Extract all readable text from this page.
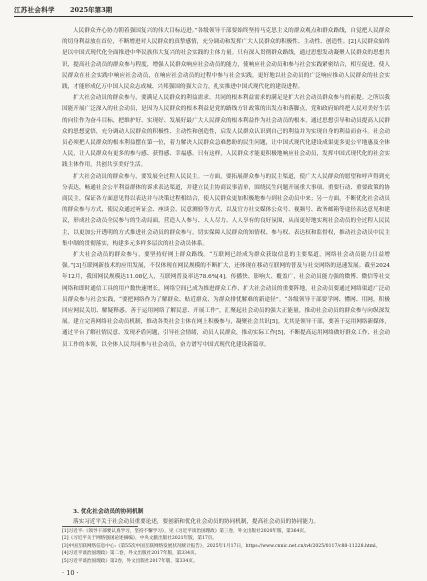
江苏社会科学 2025年第3期

人民群众齐心协力朝着强国复兴的伟大目标迈进。”各级领导干部要始终坚持马克思主义的群众观点和群众路线，自觉把人民群众的切身利益放在首位，不断增进对人民群众的真挚感情，充分调动和发挥广大人民群众的积极性、主动性、创造性。[2]人民群众始终是以中国式现代化全面推进中华民族伟大复兴的社会实践的主体力量。只有深入贯彻群众路线，通过思想发动凝聚人民群众的思想共识，提高社会动员的群众参与程度，增强人民群众响应社会动员的能力，使响应社会动员和参与社会实践紧密结合，相互促进，使人民群众在社会实践中响应社会动员，在响应社会动员的过程中参与社会实践，更好地以社会动员的广泛响应推动人民群众的社会实践，才能形成亿万中国人民众志成城、兴邦强国的强大合力，扎实推进中国式现代化的建设进程。

扩大社会动员的群众参与，要满足人民群众的利益需求。共同的根本利益需求的满足是扩大社会动员群众参与的前提。之所以我国能开展广泛深入的社会动员，是因为人民群众的根本利益是党的路线方针政策的出发点和落脚点，党和政府始终把人民对美好生活的向往作为奋斗目标，把维护好、实现好、发展好最广大人民群众的根本利益作为社会动员的根本，通过思想引导和动员提高人民群众的思想觉悟，充分调动人民群众的积极性、主动性和创造性，启发人民群众认识到自己的利益并为实现自身的利益而奋斗。社会动员必须把人民群众的根本利益摆在第一位，着力解决人民群众急难愁盼的民生问题，让中国式现代化建设成果更多更公平地惠及全体人民，让人民群众有更多的参与感、获得感、幸福感。只有这样，人民群众才能更积极地响应社会动员，发挥中国式现代化的社会实践主体作用，共创共享美好生活。

扩大社会动员的群众参与，要发展全过程人民民主。一方面，要拓展群众参与的民主渠道，使广大人民群众的愿望和呼声得到充分表达，畅通社会公平利益群体的诉求表达渠道，并建立民主协商议事清单，围绕民生问题开展重大事项、重要行动、重要政策的协商民主，保证各方面意见得以表达并与决策过程相结合，使人民群众更加积极地参与到社会动员中来；另一方面，不断优化社会动员的群众参与方式，使民众通过听证会、座谈会、民意测验等方式，以及官方社交媒体公众号、视频号、政务邮箱等途径表达意见和建议，形成社会动员全民参与的生动局面，营造人人参与、人人尽力、人人享有的良好氛围，从而更好地实现社会动员的全过程人民民主，以更加公开透明的方式推进社会动员的群众参与，切实保障人民群众的知情权、参与权、表达权和监督权，推动社会动员中民主集中制的贯彻落实，构建多元多样多层次的社会动员体系。

扩大社会动员的群众参与，要坚持好网上群众路线。“互联网已经成为群众获取信息的主要渠道，网络社会动员能力日益增强。”[3]互联网新技术的应用发展，不仅体现在网民规模的不断扩大，还体现在移动互联网的普及与社交网络的迅速发展。截至2024年12月，我国网民规模达11.08亿人，互联网普及率达78.6%[4]。传播快、影响大、覆盖广，社会动员能力强的微博、微信等社交网络和即时通信工具的用户数快速增长，网络空间已成为推进群众工作、扩大社会动员的重要阵地，社会动员要通过网络渠道广泛动员群众参与社会实践，“要把网络作为了解群众、贴近群众、为群众排忧解难的新途径”。“各级领导干部要学网、懂网、用网，积极回应网民关切、解疑释惑。善于运用网络了解民意、开展工作”，汇聚起社会动员的强大正能量，推动社会动员的群众参与向纵深发展。建立完善网络社会动员机制，推动各类社会主体在网上积极参与，凝聚社会共识[5]。尤其是领导干部，要善于运用网络新媒体，通过平台了解社情民意、发现矛盾问题，引导社会情绪，动员人民群众，推动实际工作[5]，不断提高运用网络做好群众工作、社会动员工作的本领，以全体人民共同参与社会动员，奋力谱写中国式现代化建设新篇章。

3. 优化社会动员的协同机制
落实习近平关于社会动员重要论述，要创新和优化社会动员的协同机制，提高社会动员的协同能力。
[1]习近平:《领导干部要认真学习，坚持不懈学习》，见《习近平谈治国理政》第三卷，外文出版社2020年版，第364页。
[2]《习近平关于网络强国论述摘编》，中央文献出版社2021年版，第17页。
[3]中国互联网络信息中心:《第55次中国互联网络发展状况统计报告》，2025年1月17日，https://www.cnnic.net.cn/n4/2025/0117/c88-11228.html。
[4]习近平谈治国理政》第二卷，外文出版社2017年版，第334页。
[5]习近平谈治国理政》第2卷，外文出版社2017年版，第334页。
· 10 ·
